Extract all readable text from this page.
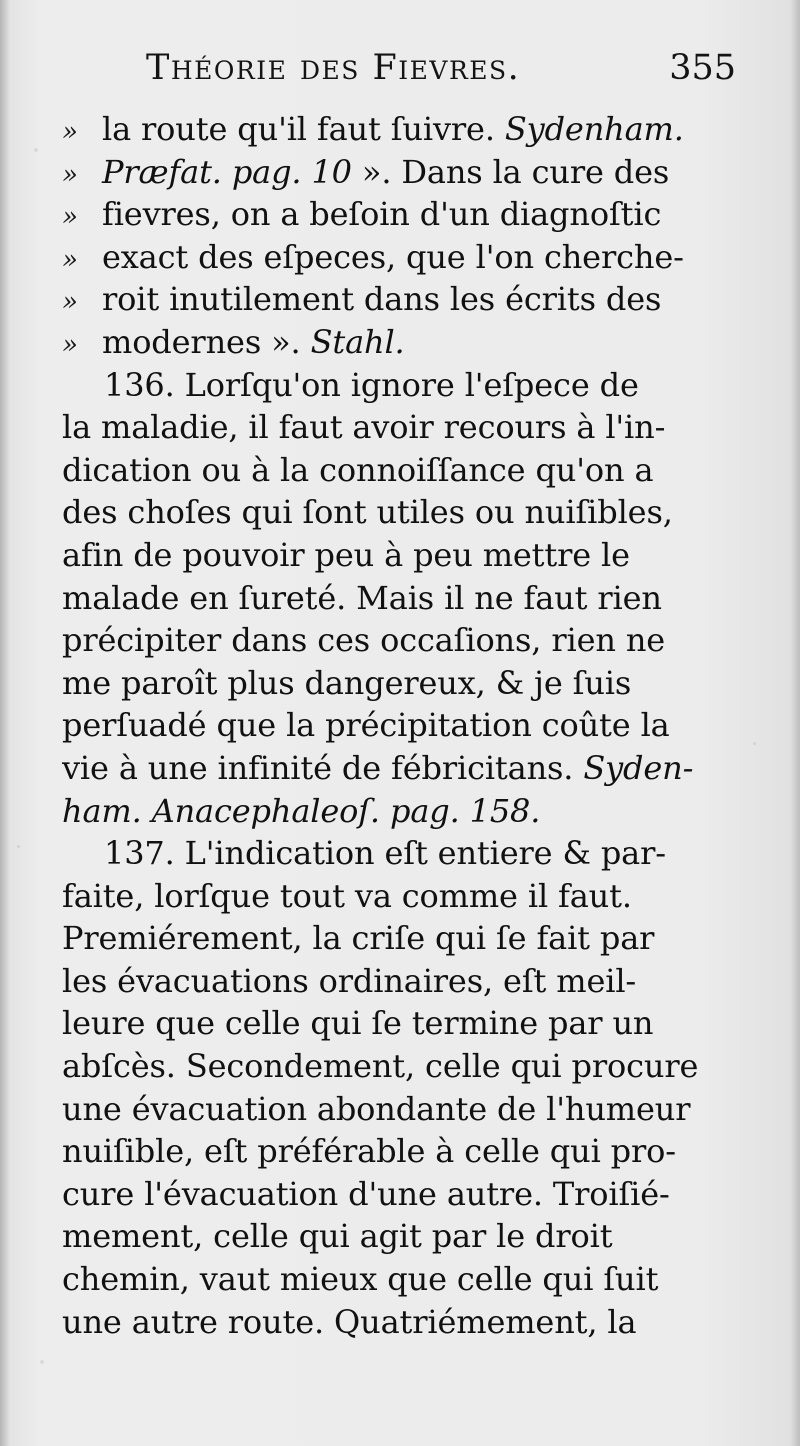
Théorie des Fievres.	355
» la route qu'il faut ſuivre. Sydenham.
» Præfat. pag. 10 ». Dans la cure des
» fievres, on a beſoin d'un diagnoſtic
» exact des eſpeces, que l'on cherche-
» roit inutilement dans les écrits des
» modernes ». Stahl.
136. Lorſqu'on ignore l'eſpece de
la maladie, il faut avoir recours à l'in-
dication ou à la connoiſſance qu'on a
des choſes qui ſont utiles ou nuiſibles,
afin de pouvoir peu à peu mettre le
malade en ſureté. Mais il ne faut rien
précipiter dans ces occaſions, rien ne
me paroît plus dangereux, & je ſuis
perſuadé que la précipitation coûte la
vie à une infinité de fébricitans. Syden-
ham. Anacephaleoſ. pag. 158.
137. L'indication eſt entiere & par-
faite, lorſque tout va comme il faut.
Premiérement, la criſe qui ſe fait par
les évacuations ordinaires, eſt meil-
leure que celle qui ſe termine par un
abſcès. Secondement, celle qui procure
une évacuation abondante de l'humeur
nuiſible, eſt préférable à celle qui pro-
cure l'évacuation d'une autre. Troiſié-
mement, celle qui agit par le droit
chemin, vaut mieux que celle qui ſuit
une autre route. Quatriémement, la
